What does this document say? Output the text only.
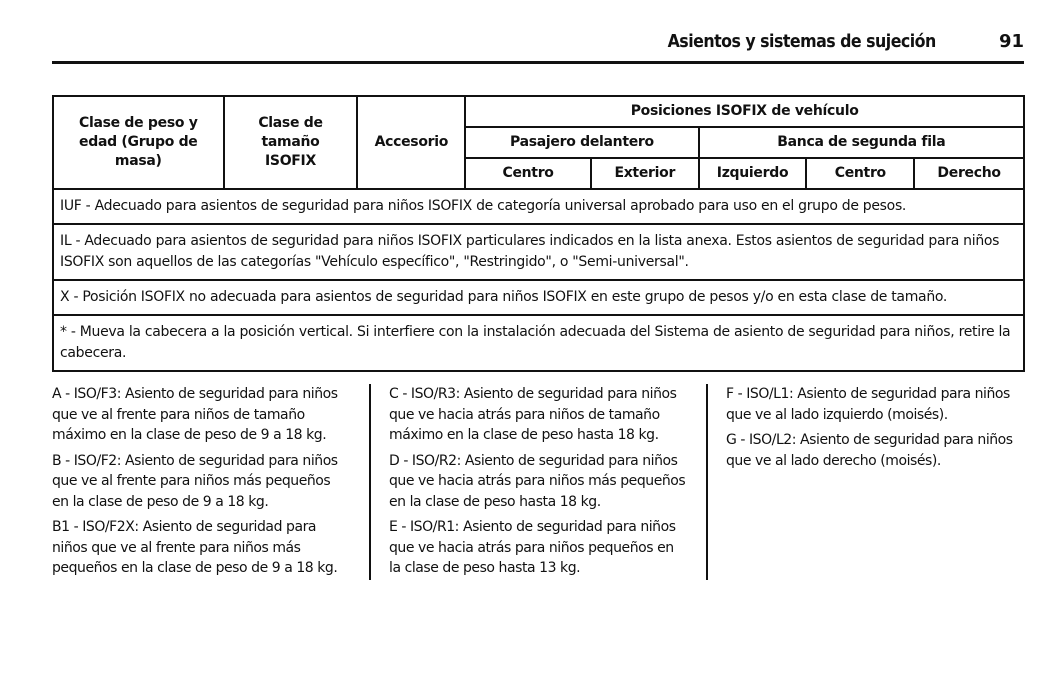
Asientos y sistemas de sujeción	91
Clase de peso y edad (Grupo de masa)	Clase de tamaño ISOFIX	Accesorio	Posiciones ISOFIX de vehículo				
			Pasajero delantero		Banca de segunda fila		
			Centro	Exterior	Izquierdo	Centro	Derecho
IUF - Adecuado para asientos de seguridad para niños ISOFIX de categoría universal aprobado para uso en el grupo de pesos.							
IL - Adecuado para asientos de seguridad para niños ISOFIX particulares indicados en la lista anexa. Estos asientos de seguridad para niños ISOFIX son aquellos de las categorías "Vehículo específico", "Restringido", o "Semi-universal".							
X - Posición ISOFIX no adecuada para asientos de seguridad para niños ISOFIX en este grupo de pesos y/o en esta clase de tamaño.							
* - Mueva la cabecera a la posición vertical. Si interfiere con la instalación adecuada del Sistema de asiento de seguridad para niños, retire la cabecera.							

A - ISO/F3: Asiento de seguridad para niños que ve al frente para niños de tamaño máximo en la clase de peso de 9 a 18 kg.

B - ISO/F2: Asiento de seguridad para niños que ve al frente para niños más pequeños en la clase de peso de 9 a 18 kg.

B1 - ISO/F2X: Asiento de seguridad para niños que ve al frente para niños más pequeños en la clase de peso de 9 a 18 kg.

C - ISO/R3: Asiento de seguridad para niños que ve hacia atrás para niños de tamaño máximo en la clase de peso hasta 18 kg.

D - ISO/R2: Asiento de seguridad para niños que ve hacia atrás para niños más pequeños en la clase de peso hasta 18 kg.

E - ISO/R1: Asiento de seguridad para niños que ve hacia atrás para niños pequeños en la clase de peso hasta 13 kg.

F - ISO/L1: Asiento de seguridad para niños que ve al lado izquierdo (moisés).

G - ISO/L2: Asiento de seguridad para niños que ve al lado derecho (moisés).
